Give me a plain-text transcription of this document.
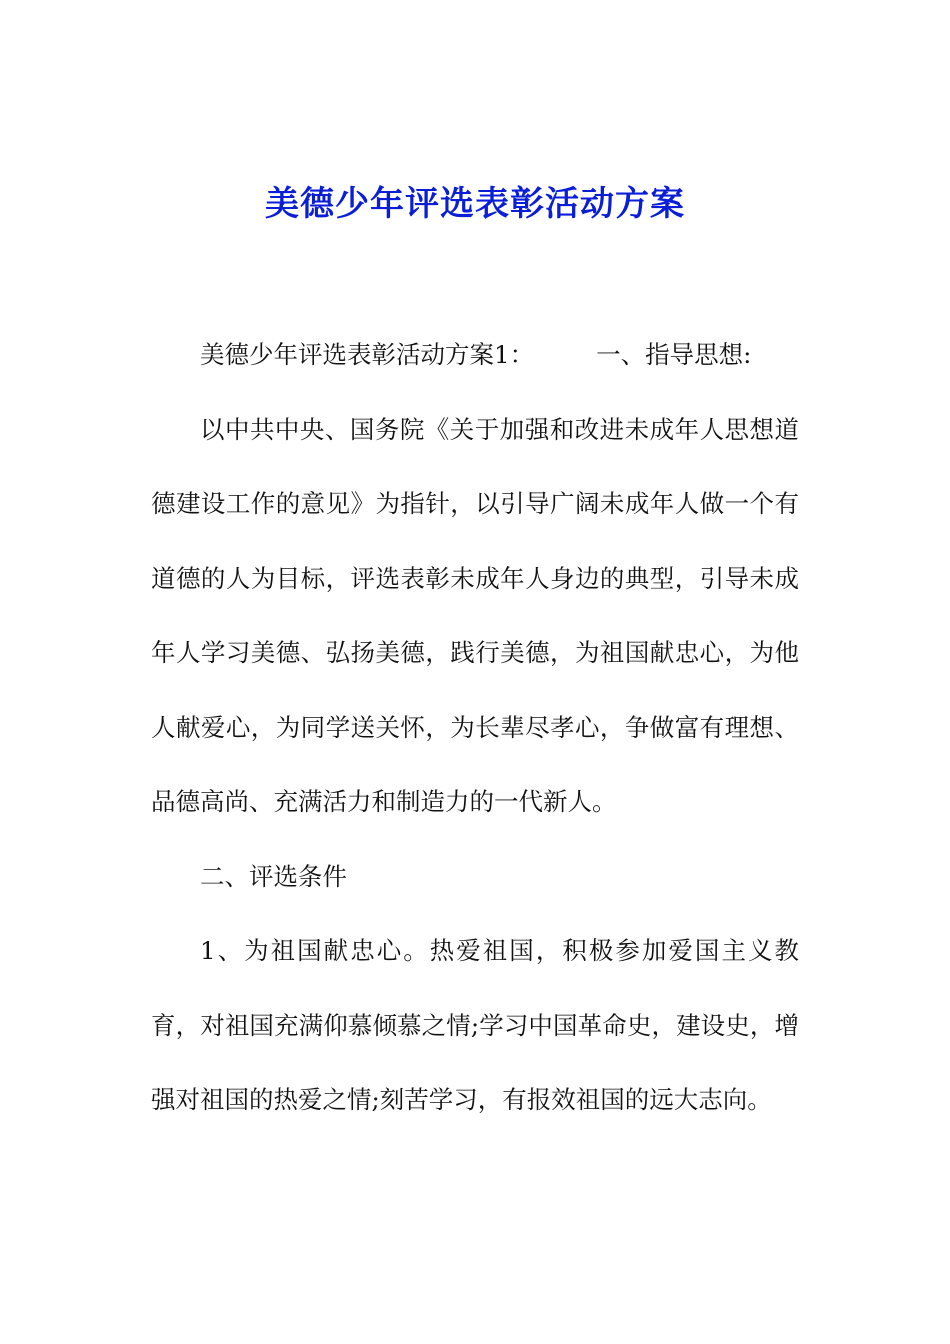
美德少年评选表彰活动方案

美德少年评选表彰活动方案1：	一、指导思想:

以中共中央、国务院《关于加强和改进未成年人思想道德建设工作的意见》为指针，以引导广阔未成年人做一个有道德的人为目标，评选表彰未成年人身边的典型，引导未成年人学习美德、弘扬美德，践行美德，为祖国献忠心，为他人献爱心，为同学送关怀，为长辈尽孝心，争做富有理想、品德高尚、充满活力和制造力的一代新人。

二、评选条件

1、为祖国献忠心。热爱祖国，积极参加爱国主义教育，对祖国充满仰慕倾慕之情;学习中国革命史，建设史，增强对祖国的热爱之情;刻苦学习，有报效祖国的远大志向。
